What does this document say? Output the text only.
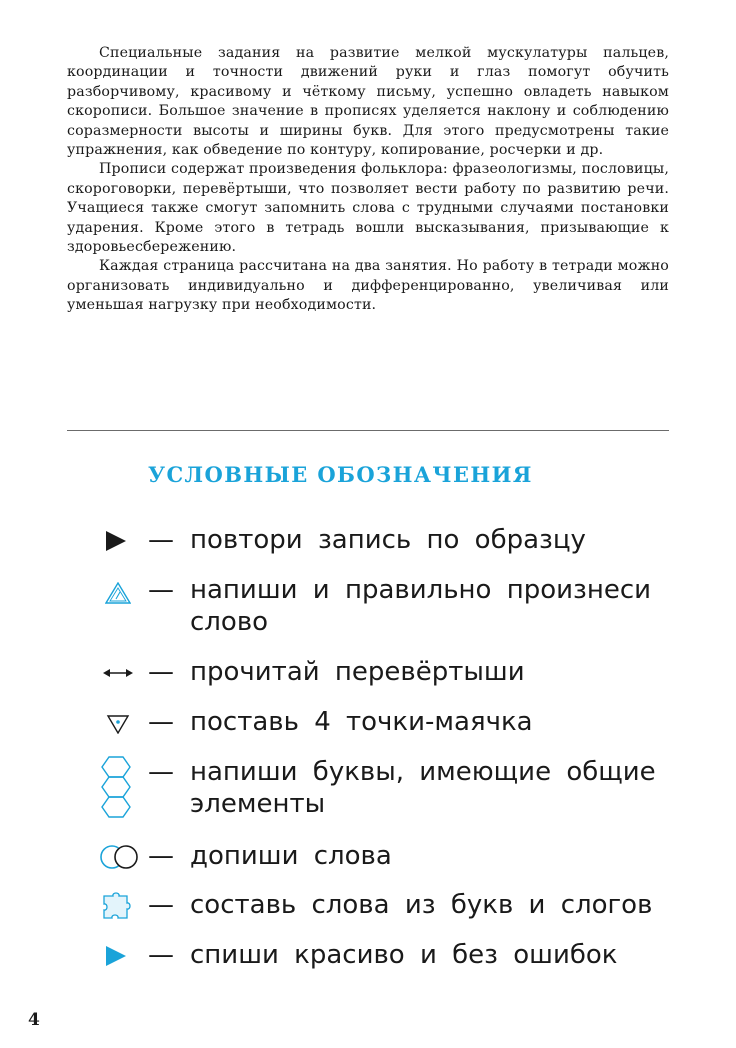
Специальные задания на развитие мелкой мускулатуры пальцев, координации и точности движений руки и глаз помогут обучить разборчивому, красивому и чёткому письму, успешно овладеть навыком скорописи. Большое значение в прописях уделяется наклону и соблюдению соразмерности высоты и ширины букв. Для этого предусмотрены такие упражнения, как обведение по контуру, копирование, росчерки и др.

Прописи содержат произведения фольклора: фразеологизмы, пословицы, скороговорки, перевёртыши, что позволяет вести работу по развитию речи. Учащиеся также смогут запомнить слова с трудными случаями постановки ударения. Кроме этого в тетрадь вошли высказывания, призывающие к здоровьесбережению.

Каждая страница рассчитана на два занятия. Но работу в тетради можно организовать индивидуально и дифференцированно, увеличивая или уменьшая нагрузку при необходимости.

УСЛОВНЫЕ ОБОЗНАЧЕНИЯ
— повтори запись по образцу
— напиши и правильно произнеси слово
— прочитай перевёртыши
— поставь 4 точки-маячка
— напиши буквы, имеющие общие элементы
— допиши слова
— составь слова из букв и слогов
— спиши красиво и без ошибок
4
